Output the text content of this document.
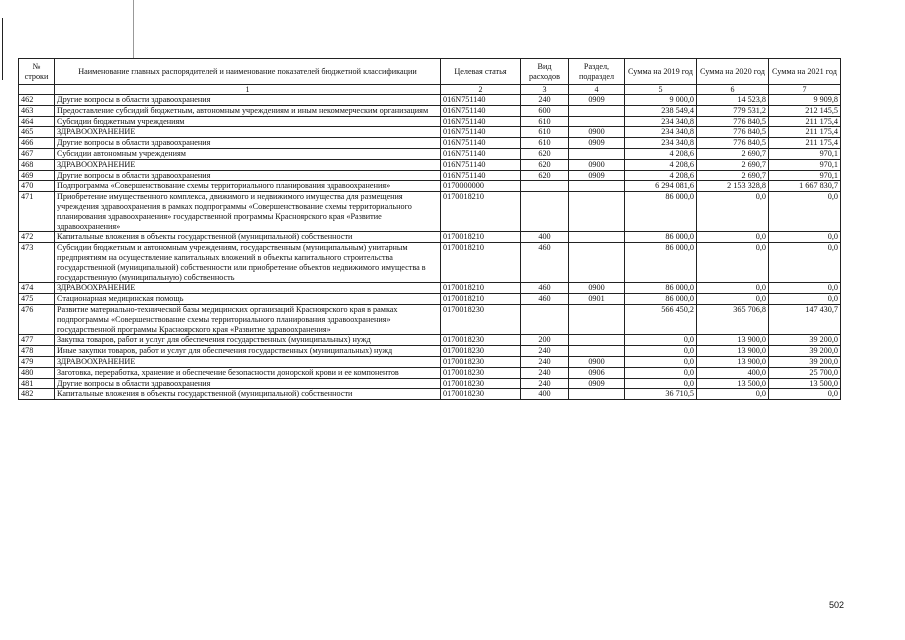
№ строки	Наименование главных распорядителей и наименование показателей бюджетной классификации	Целевая статья	Вид расходов	Раздел, подраздел	Сумма на 2019 год	Сумма на 2020 год	Сумма на 2021 год
	1	2	3	4	5	6	7
462	Другие вопросы в области здравоохранения	016N751140	240	0909	9 000,0	14 523,8	9 909,8
463	Предоставление субсидий бюджетным, автономным учреждениям и иным некоммерческим организациям	016N751140	600		238 549,4	779 531,2	212 145,5
464	Субсидии бюджетным учреждениям	016N751140	610		234 340,8	776 840,5	211 175,4
465	ЗДРАВООХРАНЕНИЕ	016N751140	610	0900	234 340,8	776 840,5	211 175,4
466	Другие вопросы в области здравоохранения	016N751140	610	0909	234 340,8	776 840,5	211 175,4
467	Субсидии автономным учреждениям	016N751140	620		4 208,6	2 690,7	970,1
468	ЗДРАВООХРАНЕНИЕ	016N751140	620	0900	4 208,6	2 690,7	970,1
469	Другие вопросы в области здравоохранения	016N751140	620	0909	4 208,6	2 690,7	970,1
470	Подпрограмма «Совершенствование схемы территориального планирования здравоохранения»	0170000000			6 294 081,6	2 153 328,8	1 667 830,7
471	Приобретение имущественного комплекса, движимого и недвижимого имущества для размещения учреждения здравоохранения в рамках подпрограммы «Совершенствование схемы территориального планирования здравоохранения» государственной программы Красноярского края «Развитие здравоохранения»	0170018210			86 000,0	0,0	0,0
472	Капитальные вложения в объекты государственной (муниципальной) собственности	0170018210	400		86 000,0	0,0	0,0
473	Субсидии бюджетным и автономным учреждениям, государственным (муниципальным) унитарным предприятиям на осуществление капитальных вложений в объекты капитального строительства государственной (муниципальной) собственности или приобретение объектов недвижимого имущества в государственную (муниципальную) собственность	0170018210	460		86 000,0	0,0	0,0
474	ЗДРАВООХРАНЕНИЕ	0170018210	460	0900	86 000,0	0,0	0,0
475	Стационарная медицинская помощь	0170018210	460	0901	86 000,0	0,0	0,0
476	Развитие материально-технической базы медицинских организаций Красноярского края в рамках подпрограммы «Совершенствование схемы территориального планирования здравоохранения» государственной программы Красноярского края «Развитие здравоохранения»	0170018230			566 450,2	365 706,8	147 430,7
477	Закупка товаров, работ и услуг для обеспечения государственных (муниципальных) нужд	0170018230	200		0,0	13 900,0	39 200,0
478	Иные закупки товаров, работ и услуг для обеспечения государственных (муниципальных) нужд	0170018230	240		0,0	13 900,0	39 200,0
479	ЗДРАВООХРАНЕНИЕ	0170018230	240	0900	0,0	13 900,0	39 200,0
480	Заготовка, переработка, хранение и обеспечение безопасности донорской крови и ее компонентов	0170018230	240	0906	0,0	400,0	25 700,0
481	Другие вопросы в области здравоохранения	0170018230	240	0909	0,0	13 500,0	13 500,0
482	Капитальные вложения в объекты государственной (муниципальной) собственности	0170018230	400		36 710,5	0,0	0,0
502
